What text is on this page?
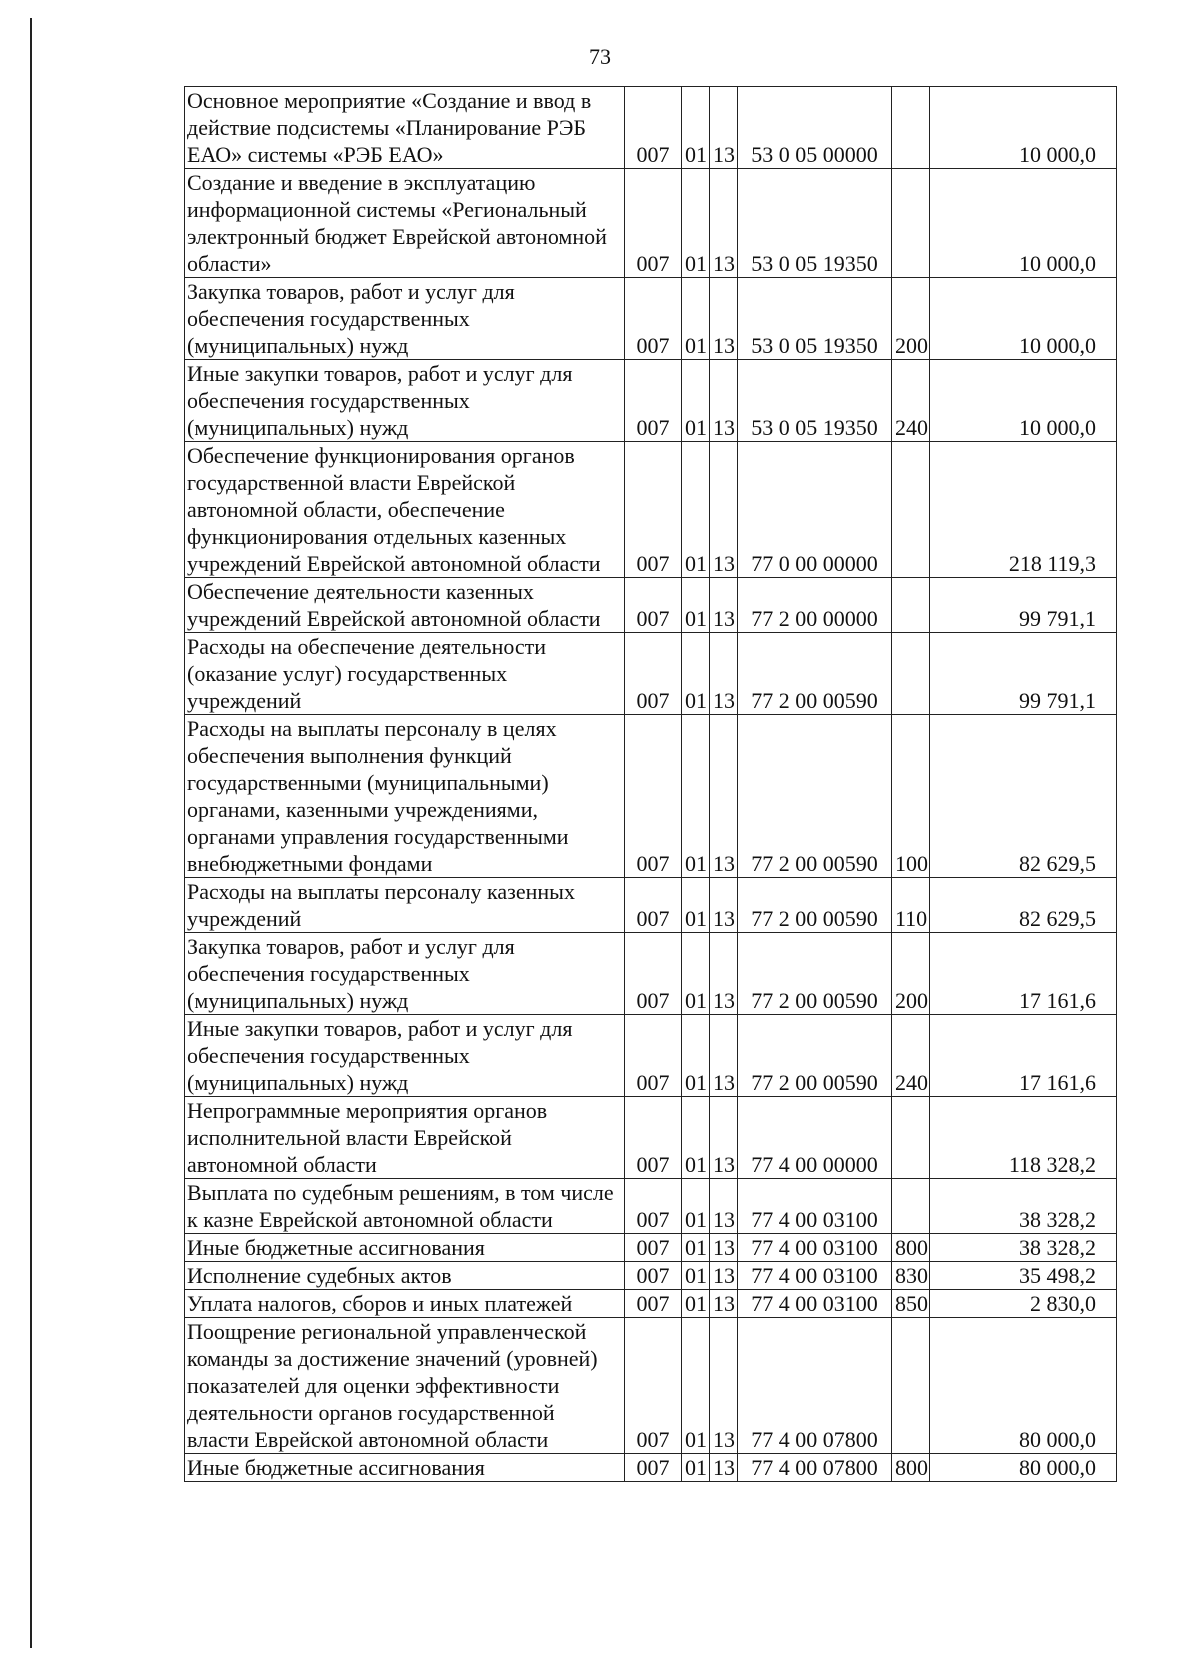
73
Основное мероприятие «Создание и ввод в действие подсистемы «Планирование РЭБ ЕАО» системы «РЭБ ЕАО»	007	01	13	53 0 05 00000		10 000,0
Создание и введение в эксплуатацию информационной системы «Региональный электронный бюджет Еврейской автономной области»	007	01	13	53 0 05 19350		10 000,0
Закупка товаров, работ и услуг для обеспечения государственных (муниципальных) нужд	007	01	13	53 0 05 19350	200	10 000,0
Иные закупки товаров, работ и услуг для обеспечения государственных (муниципальных) нужд	007	01	13	53 0 05 19350	240	10 000,0
Обеспечение функционирования органов государственной власти Еврейской автономной области, обеспечение функционирования отдельных казенных учреждений Еврейской автономной области	007	01	13	77 0 00 00000		218 119,3
Обеспечение деятельности казенных учреждений Еврейской автономной области	007	01	13	77 2 00 00000		99 791,1
Расходы на обеспечение деятельности (оказание услуг) государственных учреждений	007	01	13	77 2 00 00590		99 791,1
Расходы на выплаты персоналу в целях обеспечения выполнения функций государственными (муниципальными) органами, казенными учреждениями, органами управления государственными внебюджетными фондами	007	01	13	77 2 00 00590	100	82 629,5
Расходы на выплаты персоналу казенных учреждений	007	01	13	77 2 00 00590	110	82 629,5
Закупка товаров, работ и услуг для обеспечения государственных (муниципальных) нужд	007	01	13	77 2 00 00590	200	17 161,6
Иные закупки товаров, работ и услуг для обеспечения государственных (муниципальных) нужд	007	01	13	77 2 00 00590	240	17 161,6
Непрограммные мероприятия органов исполнительной власти Еврейской автономной области	007	01	13	77 4 00 00000		118 328,2
Выплата по судебным решениям, в том числе к казне Еврейской автономной области	007	01	13	77 4 00 03100		38 328,2
Иные бюджетные ассигнования	007	01	13	77 4 00 03100	800	38 328,2
Исполнение судебных актов	007	01	13	77 4 00 03100	830	35 498,2
Уплата налогов, сборов и иных платежей	007	01	13	77 4 00 03100	850	2 830,0
Поощрение региональной управленческой команды за достижение значений (уровней) показателей для оценки эффективности деятельности органов государственной власти Еврейской автономной области	007	01	13	77 4 00 07800		80 000,0
Иные бюджетные ассигнования	007	01	13	77 4 00 07800	800	80 000,0
